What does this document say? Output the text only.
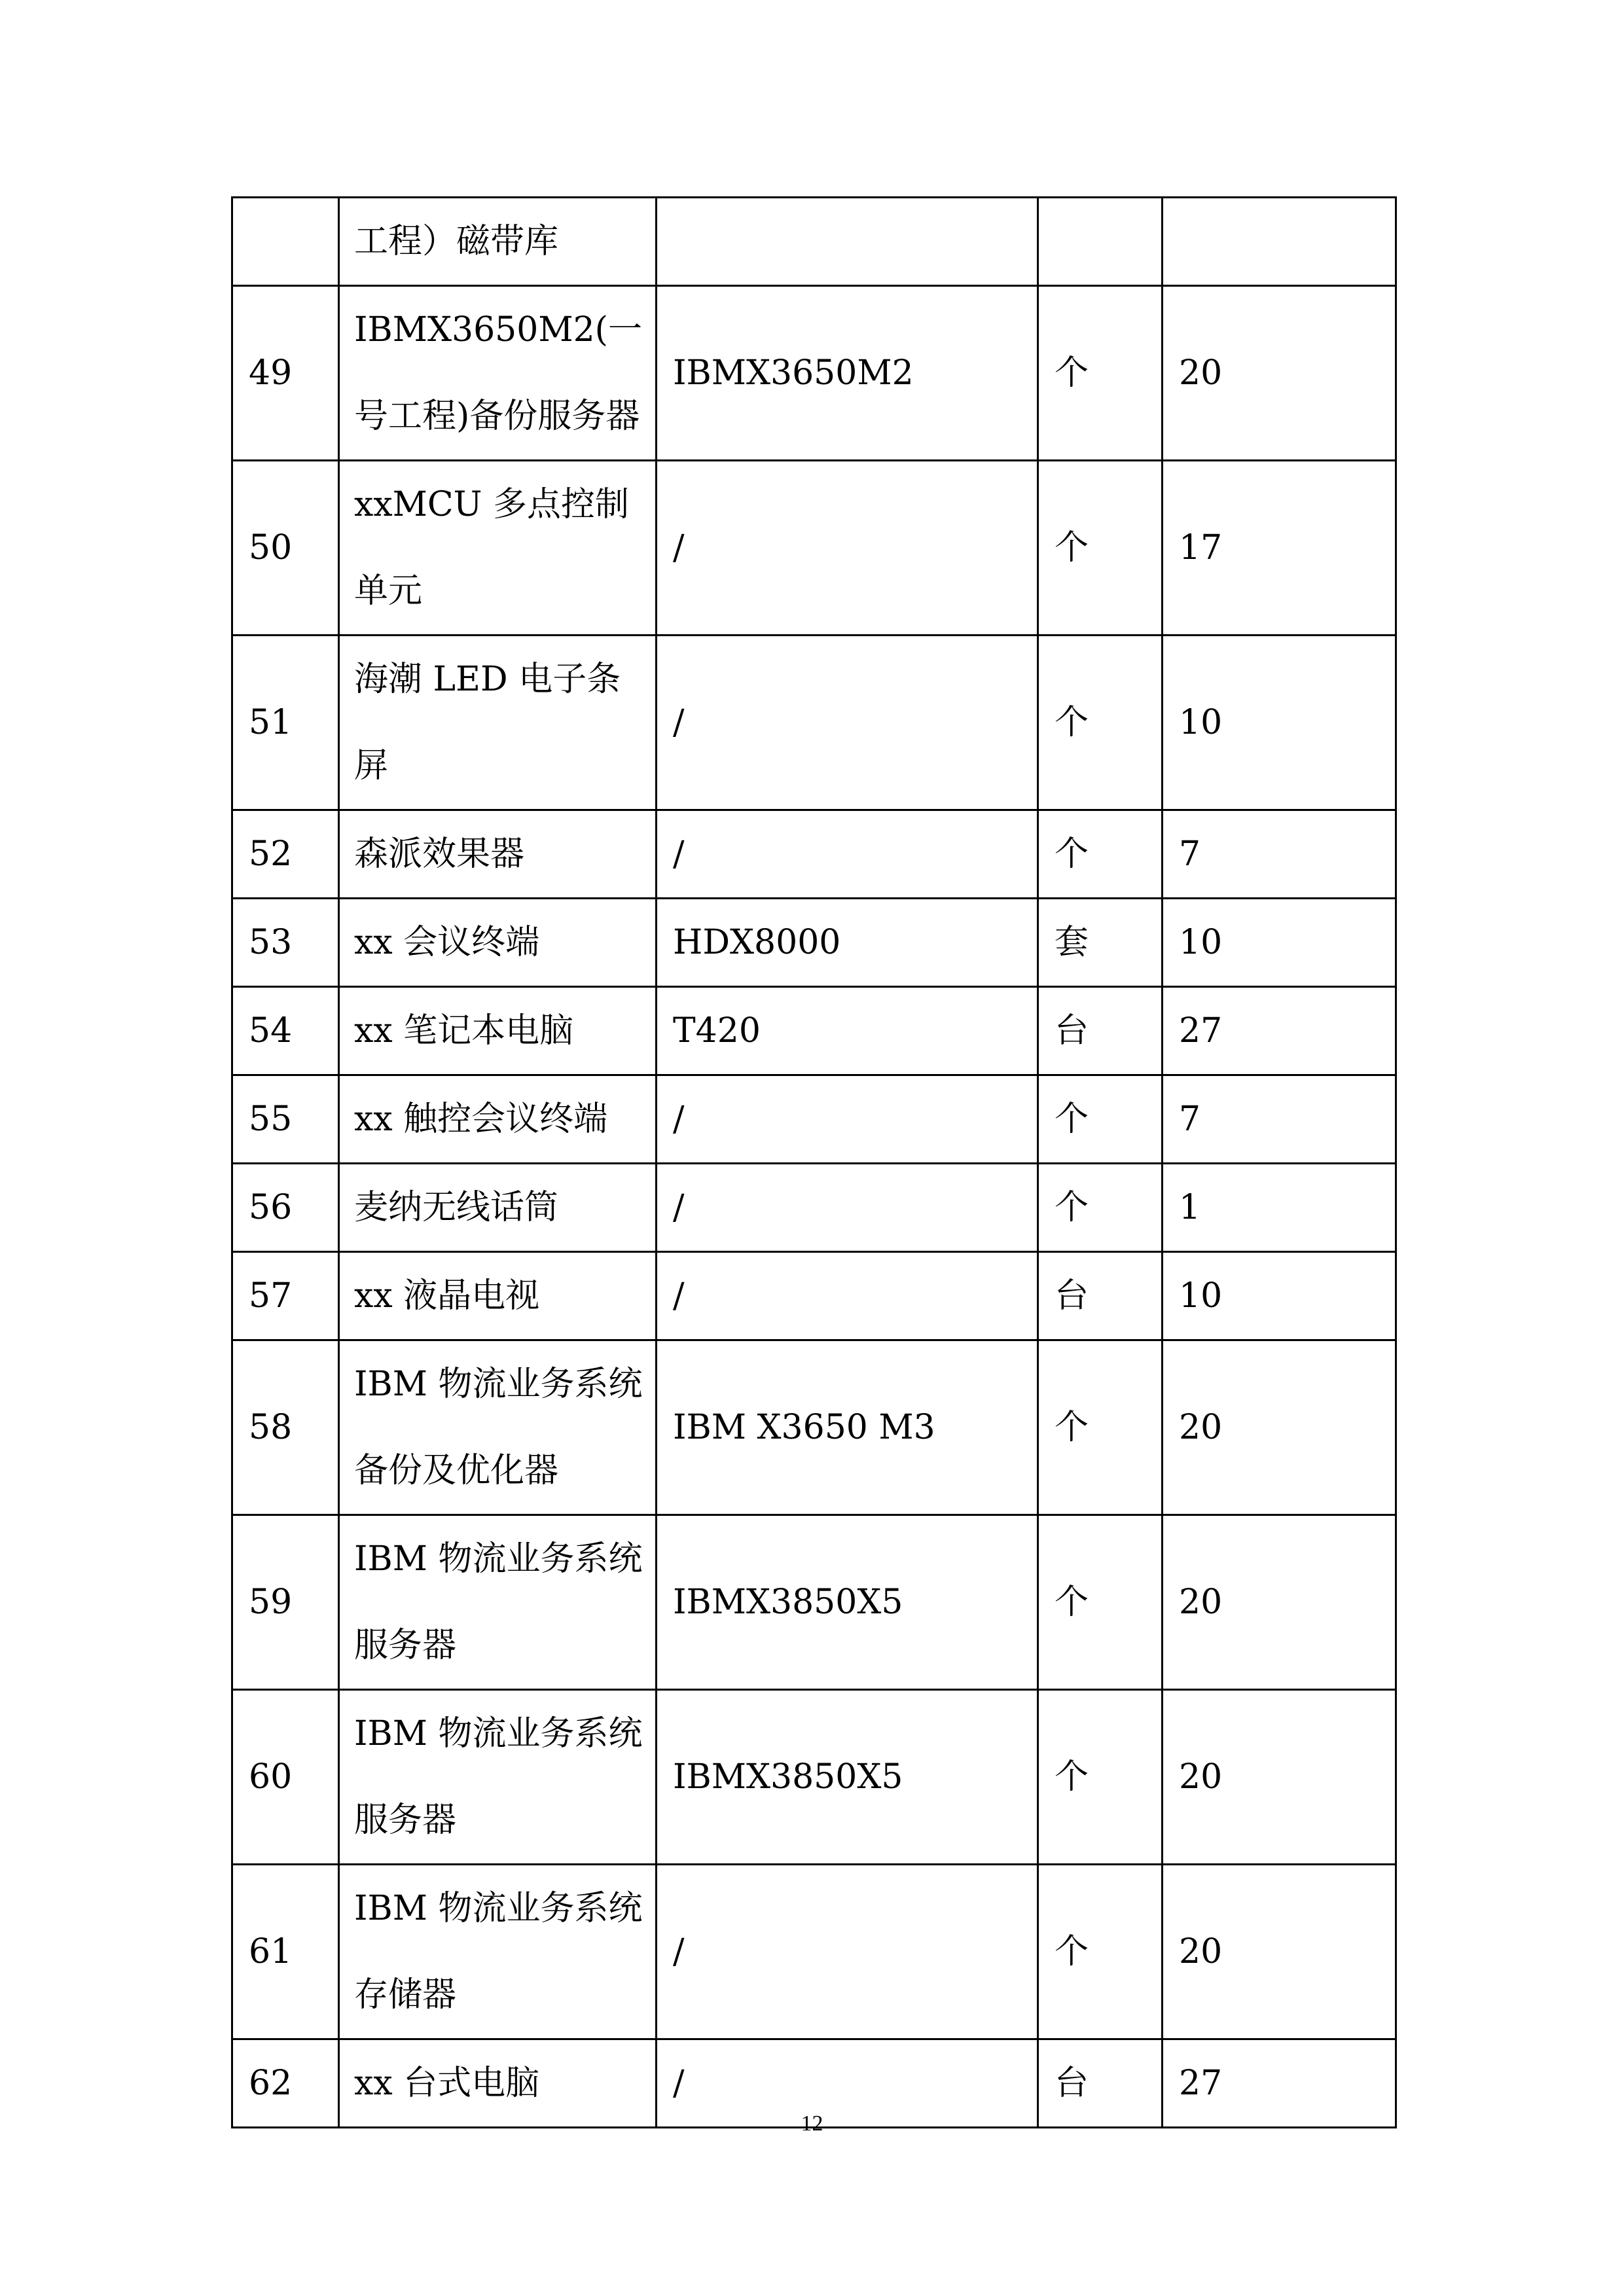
	工程）磁带库			
49	IBMX3650M2(一号工程)备份服务器	IBMX3650M2	个	20
50	xxMCU 多点控制单元	/	个	17
51	海潮 LED 电子条屏	/	个	10
52	森派效果器	/	个	7
53	xx 会议终端	HDX8000	套	10
54	xx 笔记本电脑	T420	台	27
55	xx 触控会议终端	/	个	7
56	麦纳无线话筒	/	个	1
57	xx 液晶电视	/	台	10
58	IBM 物流业务系统备份及优化器	IBM X3650 M3	个	20
59	IBM 物流业务系统服务器	IBMX3850X5	个	20
60	IBM 物流业务系统服务器	IBMX3850X5	个	20
61	IBM 物流业务系统存储器	/	个	20
62	xx 台式电脑	/	台	27
12
